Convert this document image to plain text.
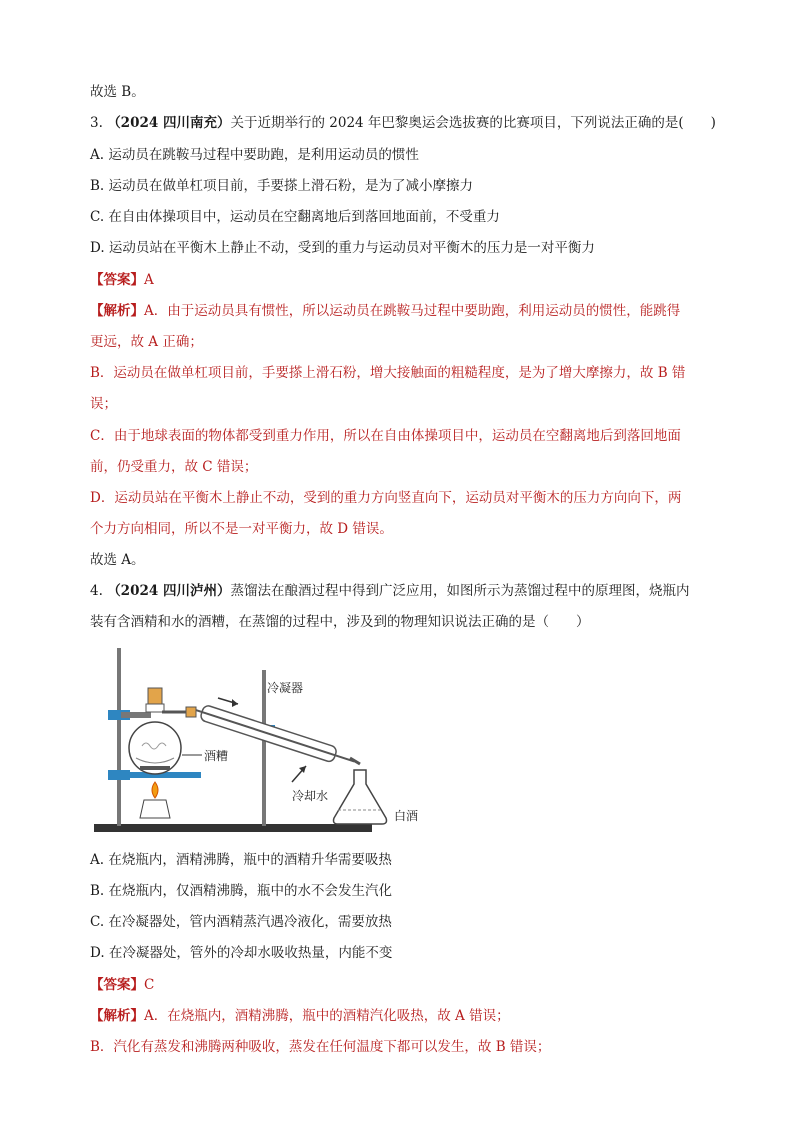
故选 B。
3. （2024 四川南充）关于近期举行的 2024 年巴黎奥运会选拔赛的比赛项目，下列说法正确的是(　　)
A. 运动员在跳鞍马过程中要助跑，是利用运动员的惯性
B. 运动员在做单杠项目前，手要搽上滑石粉，是为了减小摩擦力
C. 在自由体操项目中，运动员在空翻离地后到落回地面前，不受重力
D. 运动员站在平衡木上静止不动，受到的重力与运动员对平衡木的压力是一对平衡力
【答案】A
【解析】A．由于运动员具有惯性，所以运动员在跳鞍马过程中要助跑，利用运动员的惯性，能跳得
更远，故 A 正确；
B．运动员在做单杠项目前，手要搽上滑石粉，增大接触面的粗糙程度，是为了增大摩擦力，故 B 错
误；
C．由于地球表面的物体都受到重力作用，所以在自由体操项目中，运动员在空翻离地后到落回地面
前，仍受重力，故 C 错误；
D．运动员站在平衡木上静止不动，受到的重力方向竖直向下，运动员对平衡木的压力方向向下，两
个力方向相同，所以不是一对平衡力，故 D 错误。
故选 A。
4. （2024 四川泸州）蒸馏法在酿酒过程中得到广泛应用，如图所示为蒸馏过程中的原理图，烧瓶内
装有含酒精和水的酒糟，在蒸馏的过程中，涉及到的物理知识说法正确的是（　　）
冷凝器
酒糟
冷却水
白酒
A. 在烧瓶内，酒精沸腾，瓶中的酒精升华需要吸热
B. 在烧瓶内，仅酒精沸腾，瓶中的水不会发生汽化
C. 在冷凝器处，管内酒精蒸汽遇冷液化，需要放热
D. 在冷凝器处，管外的冷却水吸收热量，内能不变
【答案】C
【解析】A．在烧瓶内，酒精沸腾，瓶中的酒精汽化吸热，故 A 错误；
B．汽化有蒸发和沸腾两种吸收，蒸发在任何温度下都可以发生，故 B 错误；
